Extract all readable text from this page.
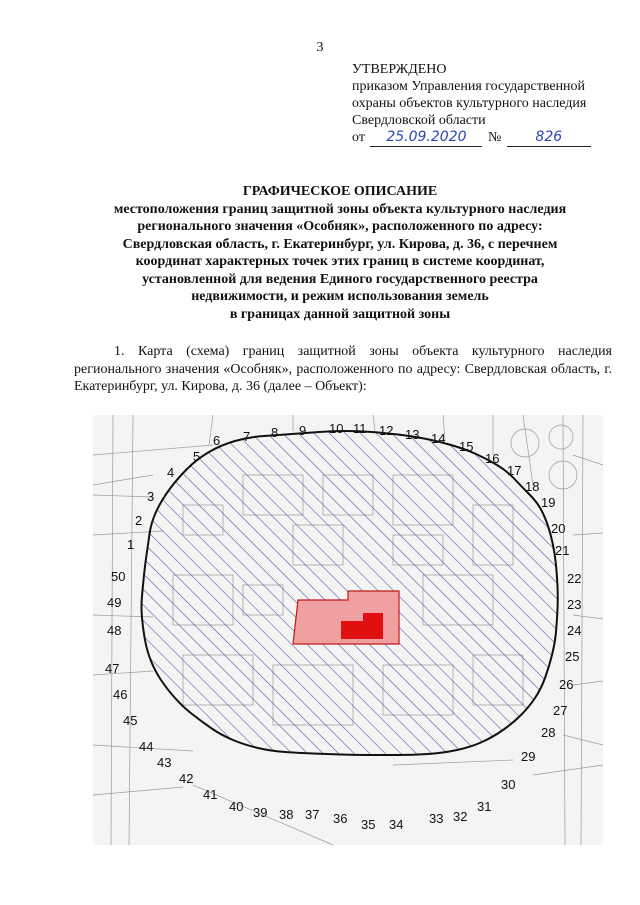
3
УТВЕРЖДЕНО
приказом Управления государственной
охраны объектов культурного наследия
Свердловской области
от 25.09.2020 № 826
ГРАФИЧЕСКОЕ ОПИСАНИЕ
местоположения границ защитной зоны объекта культурного наследия
регионального значения «Особняк», расположенного по адресу:
Свердловская область, г. Екатеринбург, ул. Кирова, д. 36, с перечнем
координат характерных точек этих границ в системе координат,
установленной для ведения Единого государственного реестра
недвижимости, и режим использования земель
в границах данной защитной зоны
1. Карта (схема) границ защитной зоны объекта культурного наследия регионального значения «Особняк», расположенного по адресу: Свердловская область, г. Екатеринбург, ул. Кирова, д. 36 (далее – Объект):
1
2
3
4
5
6 7 8 9 10 11 12 13 14
15
16
17
18
19
20
21
22
23
24
25
26
27
28
29
30
31
32
33
34
35
36
37
38
39
40
41
42
43
44
45
46
47
48
49
50
